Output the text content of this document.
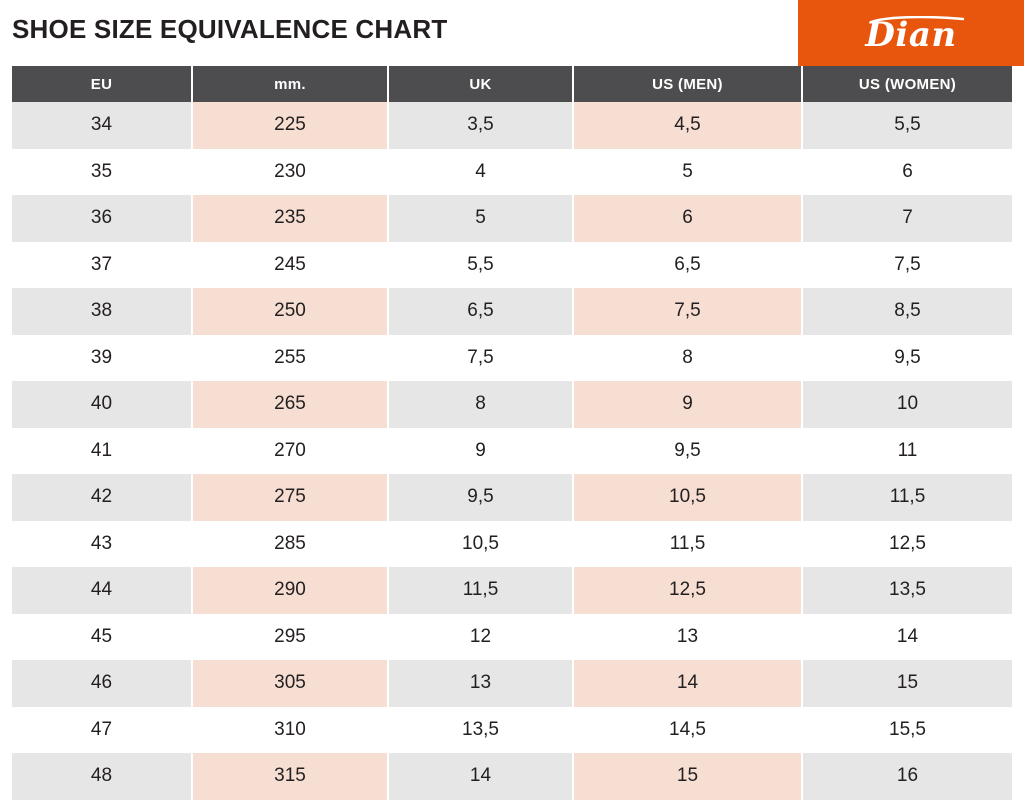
SHOE SIZE EQUIVALENCE CHART	Dian
EU	mm.	UK	US (MEN)	US (WOMEN)
34	225	3,5	4,5	5,5
35	230	4	5	6
36	235	5	6	7
37	245	5,5	6,5	7,5
38	250	6,5	7,5	8,5
39	255	7,5	8	9,5
40	265	8	9	10
41	270	9	9,5	11
42	275	9,5	10,5	11,5
43	285	10,5	11,5	12,5
44	290	11,5	12,5	13,5
45	295	12	13	14
46	305	13	14	15
47	310	13,5	14,5	15,5
48	315	14	15	16
